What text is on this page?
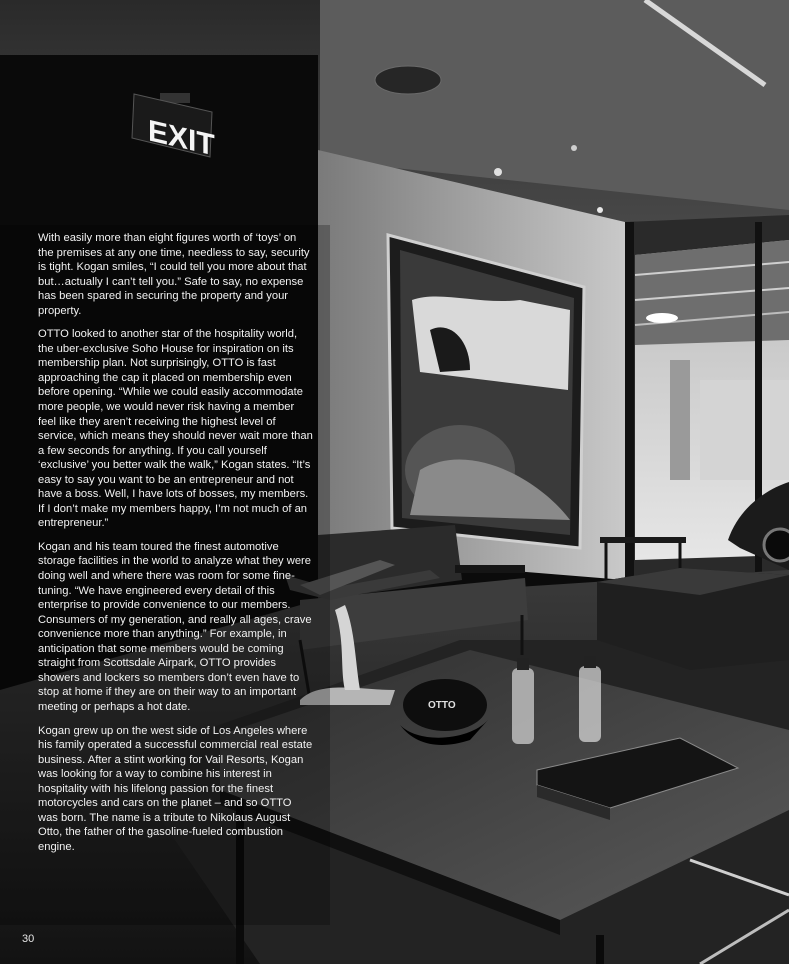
EXIT
OTTO

With easily more than eight figures worth of ‘toys’ on the premises at any one time, needless to say, security is tight. Kogan smiles, “I could tell you more about that but…actually I can’t tell you.” Safe to say, no expense has been spared in securing the property and your property.

OTTO looked to another star of the hospitality world, the uber-exclusive Soho House for inspiration on its membership plan. Not surprisingly, OTTO is fast approaching the cap it placed on membership even before opening. “While we could easily accommodate more people, we would never risk having a member feel like they aren’t receiving the highest level of service, which means they should never wait more than a few seconds for anything. If you call yourself ‘exclusive’ you better walk the walk,” Kogan states. “It’s easy to say you want to be an entrepreneur and not have a boss. Well, I have lots of bosses, my members. If I don’t make my members happy, I’m not much of an entrepreneur.”

Kogan and his team toured the finest automotive storage facilities in the world to analyze what they were doing well and where there was room for some fine-tuning. “We have engineered every detail of this enterprise to provide convenience to our members. Consumers of my generation, and really all ages, crave convenience more than anything.” For example, in anticipation that some members would be coming straight from Scottsdale Airpark, OTTO provides showers and lockers so members don’t even have to stop at home if they are on their way to an important meeting or perhaps a hot date.

Kogan grew up on the west side of Los Angeles where his family operated a successful commercial real estate business. After a stint working for Vail Resorts, Kogan was looking for a way to combine his interest in hospitality with his lifelong passion for the finest motorcycles and cars on the planet – and so OTTO was born. The name is a tribute to Nikolaus August Otto, the father of the gasoline-fueled combustion engine.

30
